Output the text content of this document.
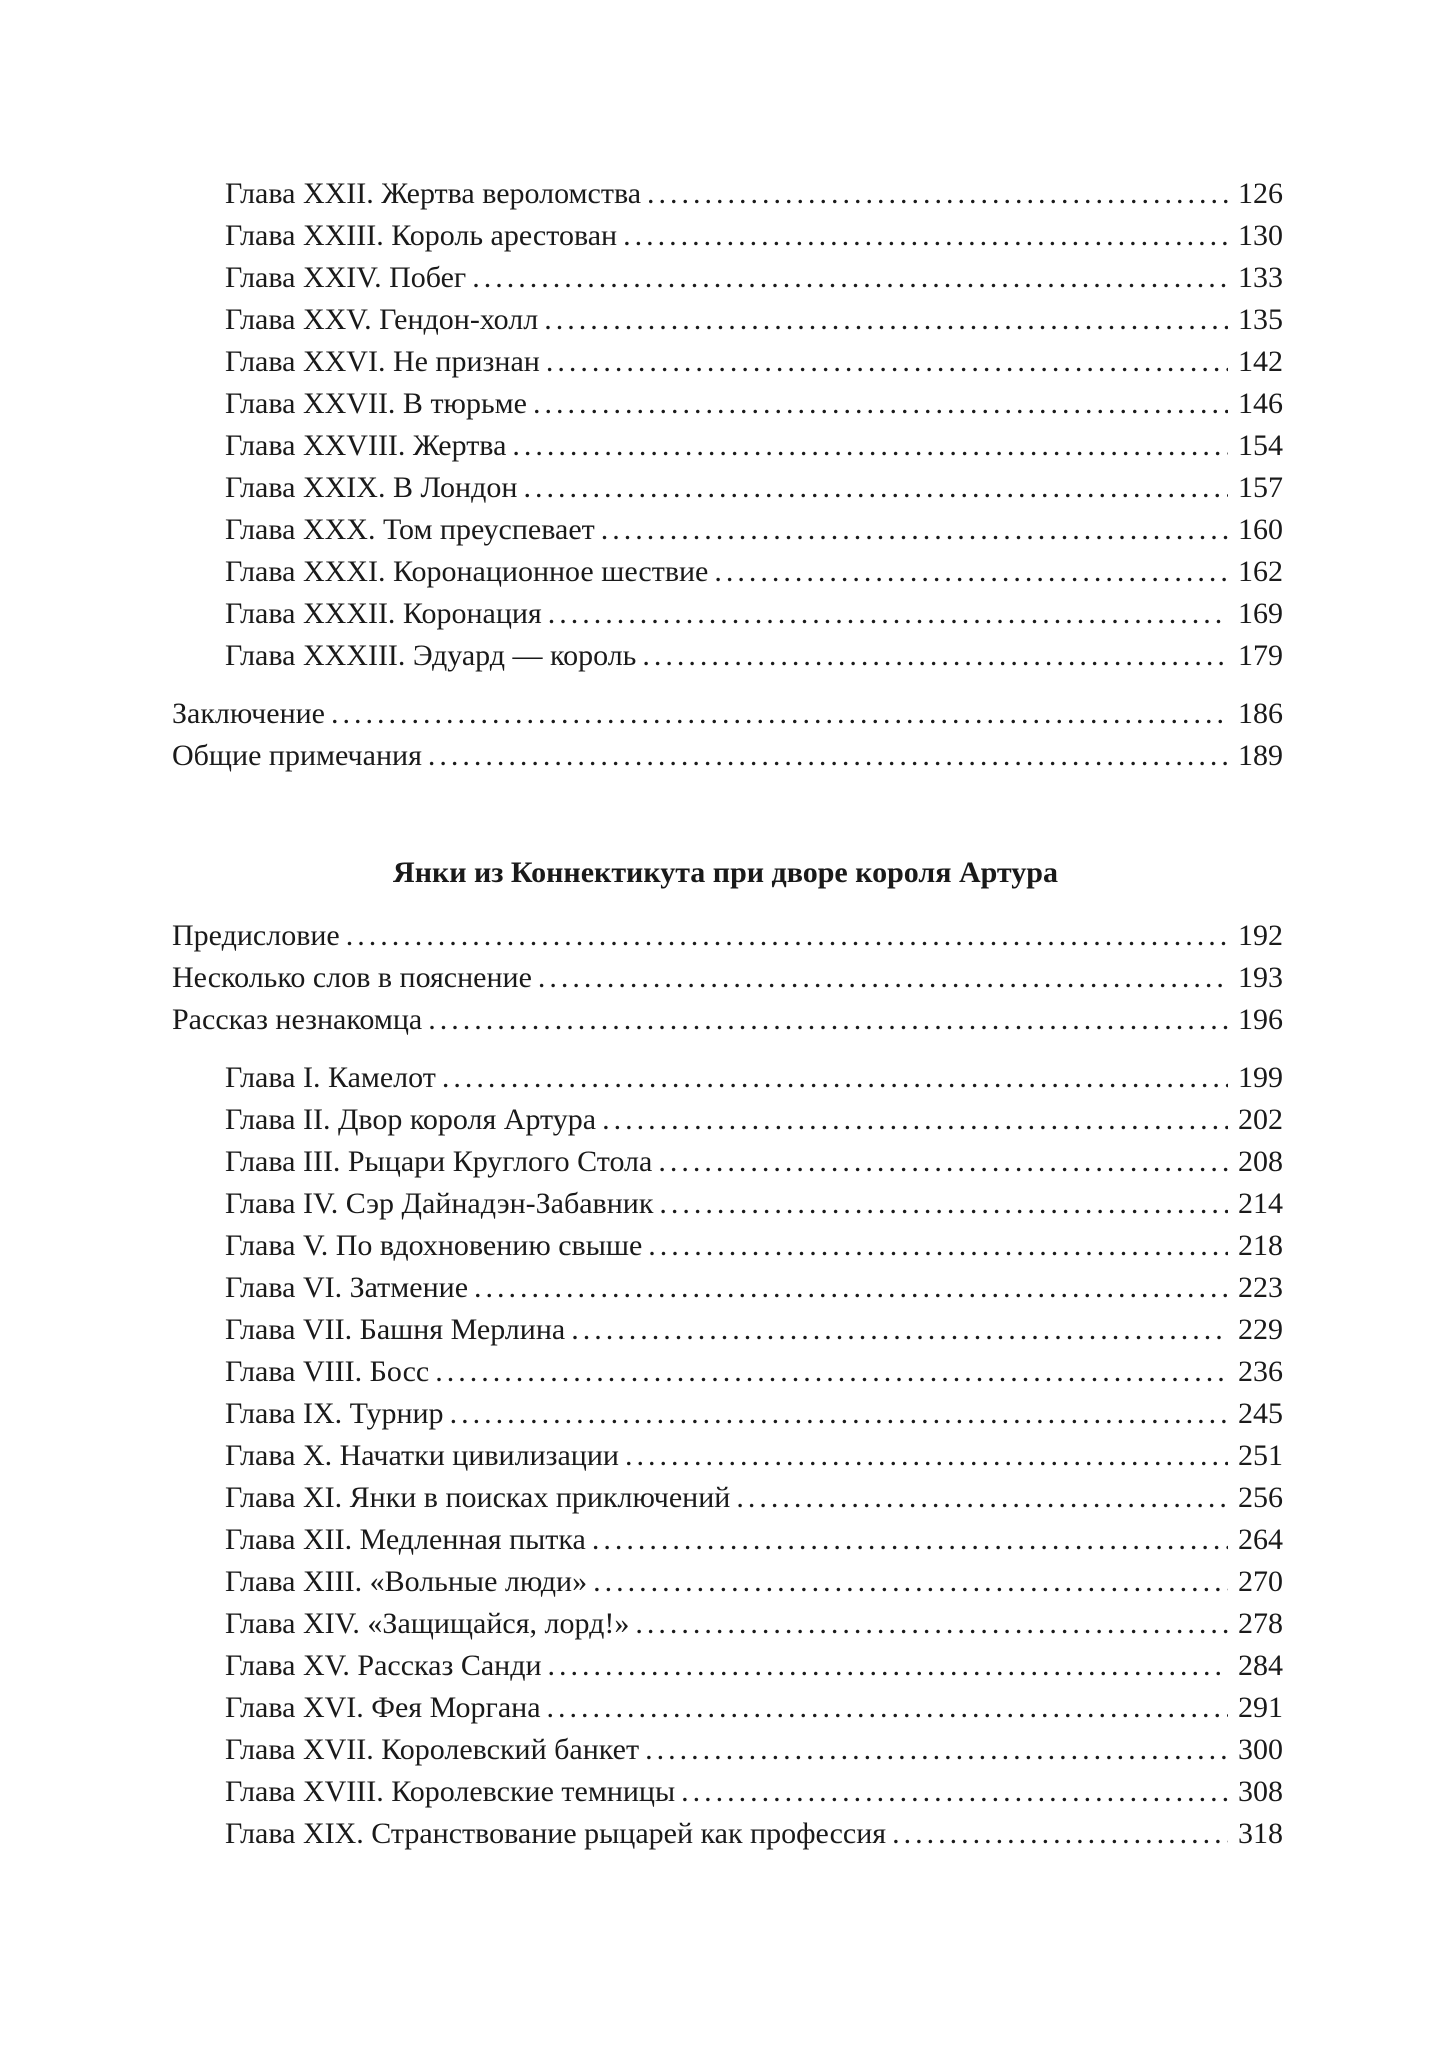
Глава XXII. Жертва вероломства .....	126
Глава XXIII. Король арестован .....	130
Глава XXIV. Побег .....	133
Глава XXV. Гендон-холл .....	135
Глава XXVI. Не признан .....	142
Глава XXVII. В тюрьме .....	146
Глава XXVIII. Жертва .....	154
Глава XXIX. В Лондон .....	157
Глава XXX. Том преуспевает .....	160
Глава XXXI. Коронационное шествие .....	162
Глава XXXII. Коронация .....	169
Глава XXXIII. Эдуард — король .....	179
Заключение .....	186
Общие примечания .....	189
Янки из Коннектикута при дворе короля Артура
Предисловие .....	192
Несколько слов в пояснение .....	193
Рассказ незнакомца .....	196
Глава I. Камелот .....	199
Глава II. Двор короля Артура .....	202
Глава III. Рыцари Круглого Стола .....	208
Глава IV. Сэр Дайнадэн-Забавник .....	214
Глава V. По вдохновению свыше .....	218
Глава VI. Затмение .....	223
Глава VII. Башня Мерлина .....	229
Глава VIII. Босс .....	236
Глава IX. Турнир .....	245
Глава X. Начатки цивилизации .....	251
Глава XI. Янки в поисках приключений .....	256
Глава XII. Медленная пытка .....	264
Глава XIII. «Вольные люди» .....	270
Глава XIV. «Защищайся, лорд!» .....	278
Глава XV. Рассказ Санди .....	284
Глава XVI. Фея Моргана .....	291
Глава XVII. Королевский банкет .....	300
Глава XVIII. Королевские темницы .....	308
Глава XIX. Странствование рыцарей как профессия .....	318
